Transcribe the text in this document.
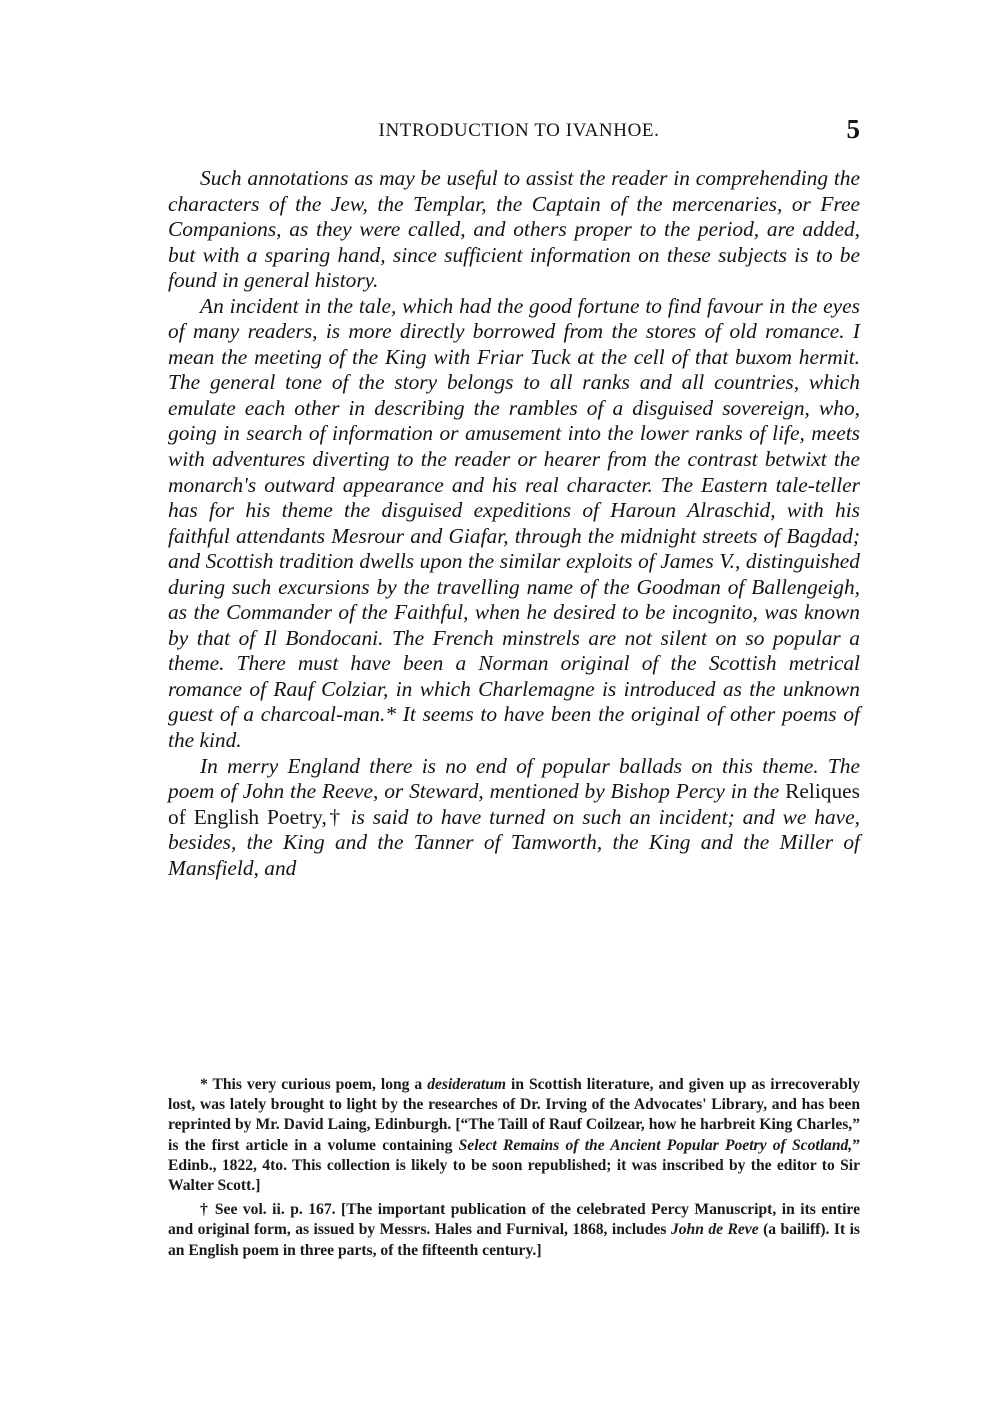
INTRODUCTION TO IVANHOE.	5

Such annotations as may be useful to assist the reader in comprehending the characters of the Jew, the Templar, the Captain of the mercenaries, or Free Companions, as they were called, and others proper to the period, are added, but with a sparing hand, since sufficient information on these subjects is to be found in general history.

An incident in the tale, which had the good fortune to find favour in the eyes of many readers, is more directly borrowed from the stores of old romance. I mean the meeting of the King with Friar Tuck at the cell of that buxom hermit. The general tone of the story belongs to all ranks and all countries, which emulate each other in describing the rambles of a disguised sovereign, who, going in search of information or amusement into the lower ranks of life, meets with adventures diverting to the reader or hearer from the contrast betwixt the monarch's outward appearance and his real character. The Eastern tale-teller has for his theme the disguised expeditions of Haroun Alraschid, with his faithful attendants Mesrour and Giafar, through the midnight streets of Bagdad; and Scottish tradition dwells upon the similar exploits of James V., distinguished during such excursions by the travelling name of the Goodman of Ballengeigh, as the Commander of the Faithful, when he desired to be incognito, was known by that of Il Bondocani. The French minstrels are not silent on so popular a theme. There must have been a Norman original of the Scottish metrical romance of Rauf Colziar, in which Charlemagne is introduced as the unknown guest of a charcoal-man.* It seems to have been the original of other poems of the kind.

In merry England there is no end of popular ballads on this theme. The poem of John the Reeve, or Steward, mentioned by Bishop Percy in the Reliques of English Poetry,† is said to have turned on such an incident; and we have, besides, the King and the Tanner of Tamworth, the King and the Miller of Mansfield, and

* This very curious poem, long a desideratum in Scottish literature, and given up as irrecoverably lost, was lately brought to light by the researches of Dr. Irving of the Advocates' Library, and has been reprinted by Mr. David Laing, Edinburgh. [“The Taill of Rauf Coilzear, how he harbreit King Charles,” is the first article in a volume containing Select Remains of the Ancient Popular Poetry of Scotland,” Edinb., 1822, 4to. This collection is likely to be soon republished; it was inscribed by the editor to Sir Walter Scott.]

† See vol. ii. p. 167. [The important publication of the celebrated Percy Manuscript, in its entire and original form, as issued by Messrs. Hales and Furnival, 1868, includes John de Reve (a bailiff). It is an English poem in three parts, of the fifteenth century.]
